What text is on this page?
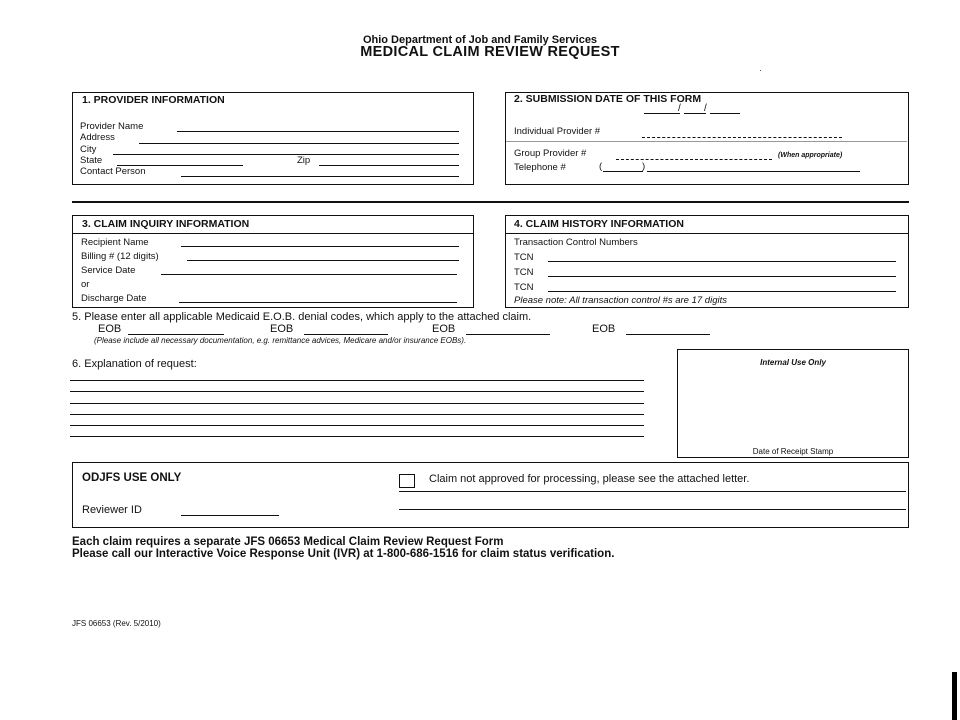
Ohio Department of Job and Family Services
MEDICAL CLAIM REVIEW REQUEST
1. PROVIDER INFORMATION
Provider Name
Address
City
State	Zip
Contact Person
2. SUBMISSION DATE OF THIS FORM
/ /
Individual Provider #
Group Provider #	(When appropriate)
Telephone #	(	)
3. CLAIM INQUIRY INFORMATION
Recipient Name
Billing # (12 digits)
Service Date
or
Discharge Date
4. CLAIM HISTORY INFORMATION
Transaction Control Numbers
TCN
TCN
TCN
Please note: All transaction control #s are 17 digits
5. Please enter all applicable Medicaid E.O.B. denial codes, which apply to the attached claim.
EOB	EOB	EOB	EOB
(Please include all necessary documentation, e.g. remittance advices, Medicare and/or insurance EOBs).
6. Explanation of request:	Internal Use Only
Date of Receipt Stamp
ODJFS USE ONLY	Claim not approved for processing, please see the attached letter.
Reviewer ID
Each claim requires a separate JFS 06653 Medical Claim Review Request Form
Please call our Interactive Voice Response Unit (IVR) at 1-800-686-1516 for claim status verification.
JFS 06653 (Rev. 5/2010)
